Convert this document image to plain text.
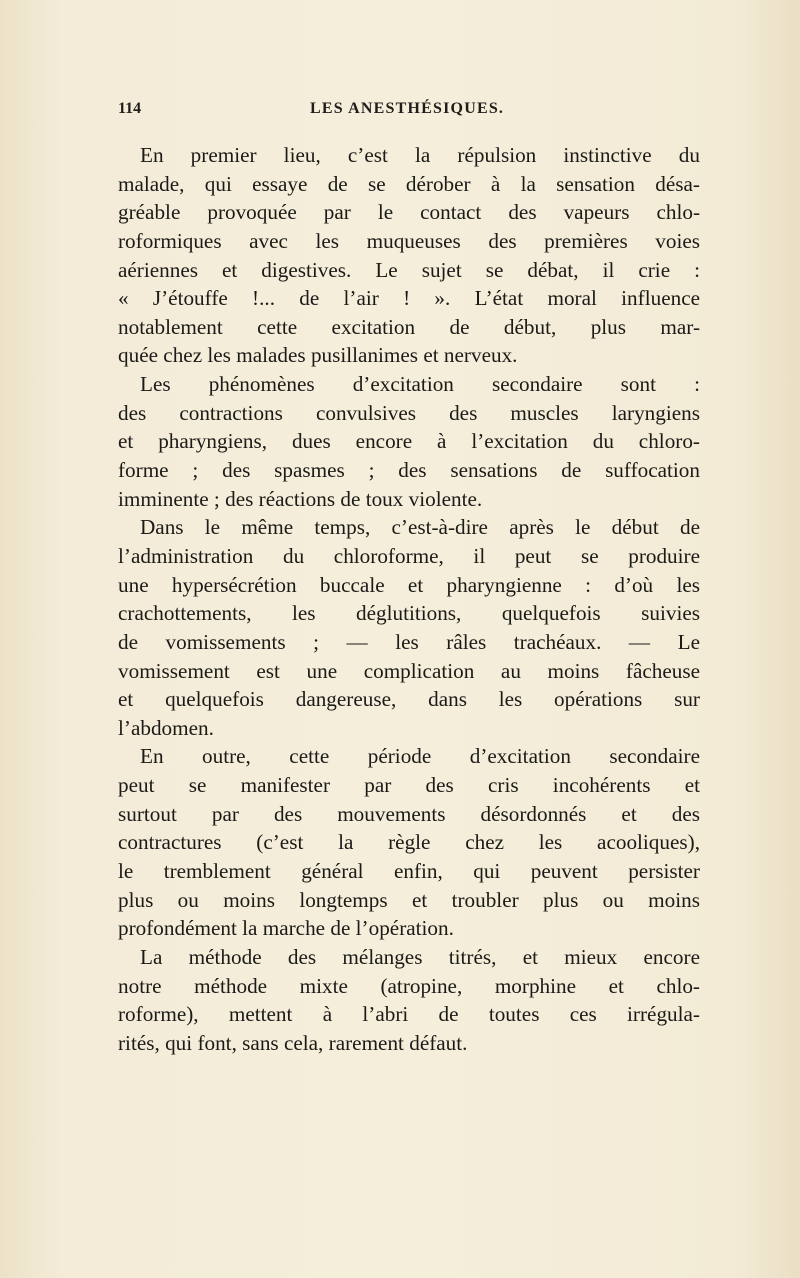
114	LES ANESTHÉSIQUES.
En premier lieu, c’est la répulsion instinctive du
malade, qui essaye de se dérober à la sensation désa-
gréable provoquée par le contact des vapeurs chlo-
roformiques avec les muqueuses des premières voies
aériennes et digestives. Le sujet se débat, il crie :
« J’étouffe !... de l’air ! ». L’état moral influence
notablement cette excitation de début, plus mar-
quée chez les malades pusillanimes et nerveux.
Les phénomènes d’excitation secondaire sont :
des contractions convulsives des muscles laryngiens
et pharyngiens, dues encore à l’excitation du chloro-
forme ; des spasmes ; des sensations de suffocation
imminente ; des réactions de toux violente.
Dans le même temps, c’est-à-dire après le début de
l’administration du chloroforme, il peut se produire
une hypersécrétion buccale et pharyngienne : d’où les
crachottements, les déglutitions, quelquefois suivies
de vomissements ; — les râles trachéaux. — Le
vomissement est une complication au moins fâcheuse
et quelquefois dangereuse, dans les opérations sur
l’abdomen.
En outre, cette période d’excitation secondaire
peut se manifester par des cris incohérents et
surtout par des mouvements désordonnés et des
contractures (c’est la règle chez les acooliques),
le tremblement général enfin, qui peuvent persister
plus ou moins longtemps et troubler plus ou moins
profondément la marche de l’opération.
La méthode des mélanges titrés, et mieux encore
notre méthode mixte (atropine, morphine et chlo-
roforme), mettent à l’abri de toutes ces irrégula-
rités, qui font, sans cela, rarement défaut.
